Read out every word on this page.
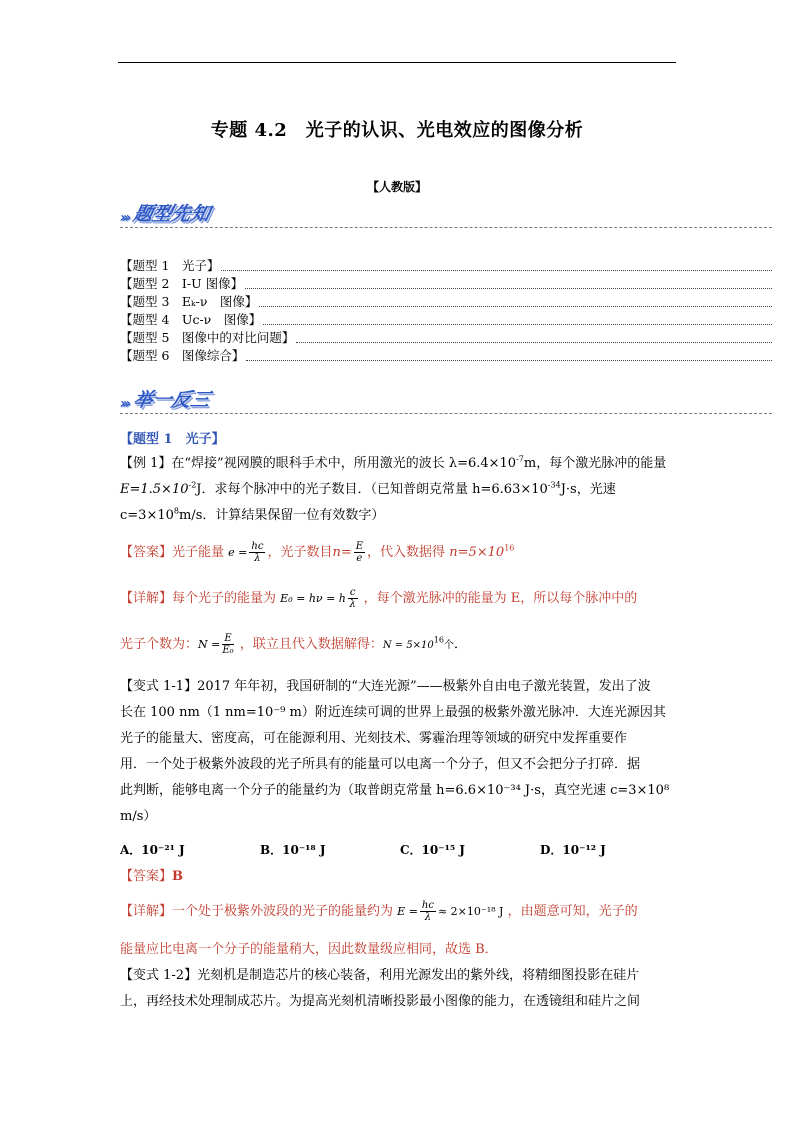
专题 4.2　光子的认识、光电效应的图像分析
【人教版】
››› 题型先知
【题型 1　光子】
【题型 2　I-U 图像】
【题型 3　Eₖ-ν　图像】
【题型 4　Uc-ν　图像】
【题型 5　图像中的对比问题】
【题型 6　图像综合】
››› 举一反三
【题型 1　光子】
【例 1】在“焊接”视网膜的眼科手术中，所用激光的波长 $\lambda=6.4\times 10^{-7}m$，每个激光脉冲的能量
$E=1.5\times 10^{-2}J$．求每个脉冲中的光子数目．（已知普朗克常量 $h=6.63\times 10^{-34}J\cdot s$，光速
$c=3\times 10^8m/s$．计算结果保留一位有效数字）
【答案】光子能量 $e = \frac{hc}{\lambda}$ ，光子数目$n= \frac{E}{e}$ ，代入数据得 $n=5\times 10^{16}$
【详解】每个光子的能量为 E₀ = hν = h $\frac{c}{\lambda}$ ，每个激光脉冲的能量为 E，所以每个脉冲中的
光子个数为：$N = \frac{E}{\text{E₀}}$ ，联立且代入数据解得：$N = 5\times 10^{16}$个．
【变式 1-1】2017 年年初，我国研制的“大连光源”——极紫外自由电子激光装置，发出了波
长在 100 nm（1 nm=10⁻⁹ m）附近连续可调的世界上最强的极紫外激光脉冲．大连光源因其
光子的能量大、密度高，可在能源利用、光刻技术、雾霾治理等领域的研究中发挥重要作
用．一个处于极紫外波段的光子所具有的能量可以电离一个分子，但又不会把分子打碎．据
此判断，能够电离一个分子的能量约为（取普朗克常量 h=6.6×10⁻³⁴ J·s，真空光速 c=3×10⁸
m/s）
A．10⁻²¹ J	B．10⁻¹⁸ J	C．10⁻¹⁵ J	D．10⁻¹² J
【答案】B
【详解】一个处于极紫外波段的光子的能量约为 $E = \frac{hc}{\lambda} \approx 2\times 10^{-18}$ J ，由题意可知，光子的
能量应比电离一个分子的能量稍大，因此数量级应相同，故选 B．
【变式 1-2】光刻机是制造芯片的核心装备，利用光源发出的紫外线，将精细图投影在硅片
上，再经技术处理制成芯片。为提高光刻机清晰投影最小图像的能力，在透镜组和硅片之间
